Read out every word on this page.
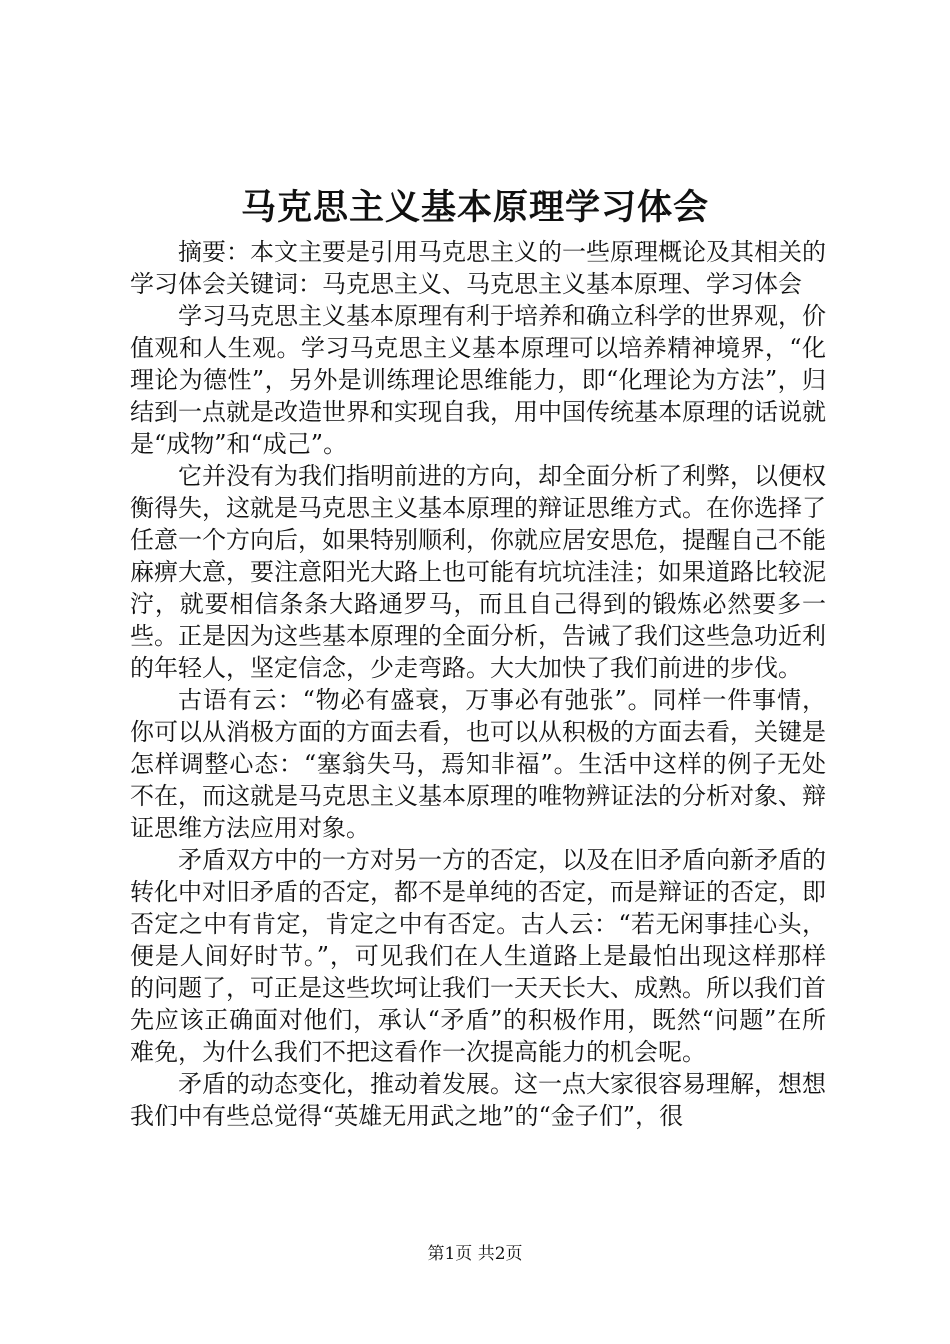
马克思主义基本原理学习体会

摘要：本文主要是引用马克思主义的一些原理概论及其相关的学习体会关键词：马克思主义、马克思主义基本原理、学习体会

学习马克思主义基本原理有利于培养和确立科学的世界观，价值观和人生观。学习马克思主义基本原理可以培养精神境界，“化理论为德性”，另外是训练理论思维能力，即“化理论为方法”，归结到一点就是改造世界和实现自我，用中国传统基本原理的话说就是“成物”和“成己”。

它并没有为我们指明前进的方向，却全面分析了利弊，以便权衡得失，这就是马克思主义基本原理的辩证思维方式。在你选择了任意一个方向后，如果特别顺利，你就应居安思危，提醒自己不能麻痹大意，要注意阳光大路上也可能有坑坑洼洼；如果道路比较泥泞，就要相信条条大路通罗马，而且自己得到的锻炼必然要多一些。正是因为这些基本原理的全面分析，告诫了我们这些急功近利的年轻人，坚定信念，少走弯路。大大加快了我们前进的步伐。

古语有云：“物必有盛衰，万事必有弛张”。同样一件事情，你可以从消极方面的方面去看，也可以从积极的方面去看，关键是怎样调整心态：“塞翁失马，焉知非福”。生活中这样的例子无处不在，而这就是马克思主义基本原理的唯物辨证法的分析对象、辩证思维方法应用对象。

矛盾双方中的一方对另一方的否定，以及在旧矛盾向新矛盾的转化中对旧矛盾的否定，都不是单纯的否定，而是辩证的否定，即否定之中有肯定，肯定之中有否定。古人云：“若无闲事挂心头，便是人间好时节。”，可见我们在人生道路上是最怕出现这样那样的问题了，可正是这些坎坷让我们一天天长大、成熟。所以我们首先应该正确面对他们，承认“矛盾”的积极作用，既然“问题”在所难免，为什么我们不把这看作一次提高能力的机会呢。

矛盾的动态变化，推动着发展。这一点大家很容易理解，想想我们中有些总觉得“英雄无用武之地”的“金子们”，很

第1页 共2页
